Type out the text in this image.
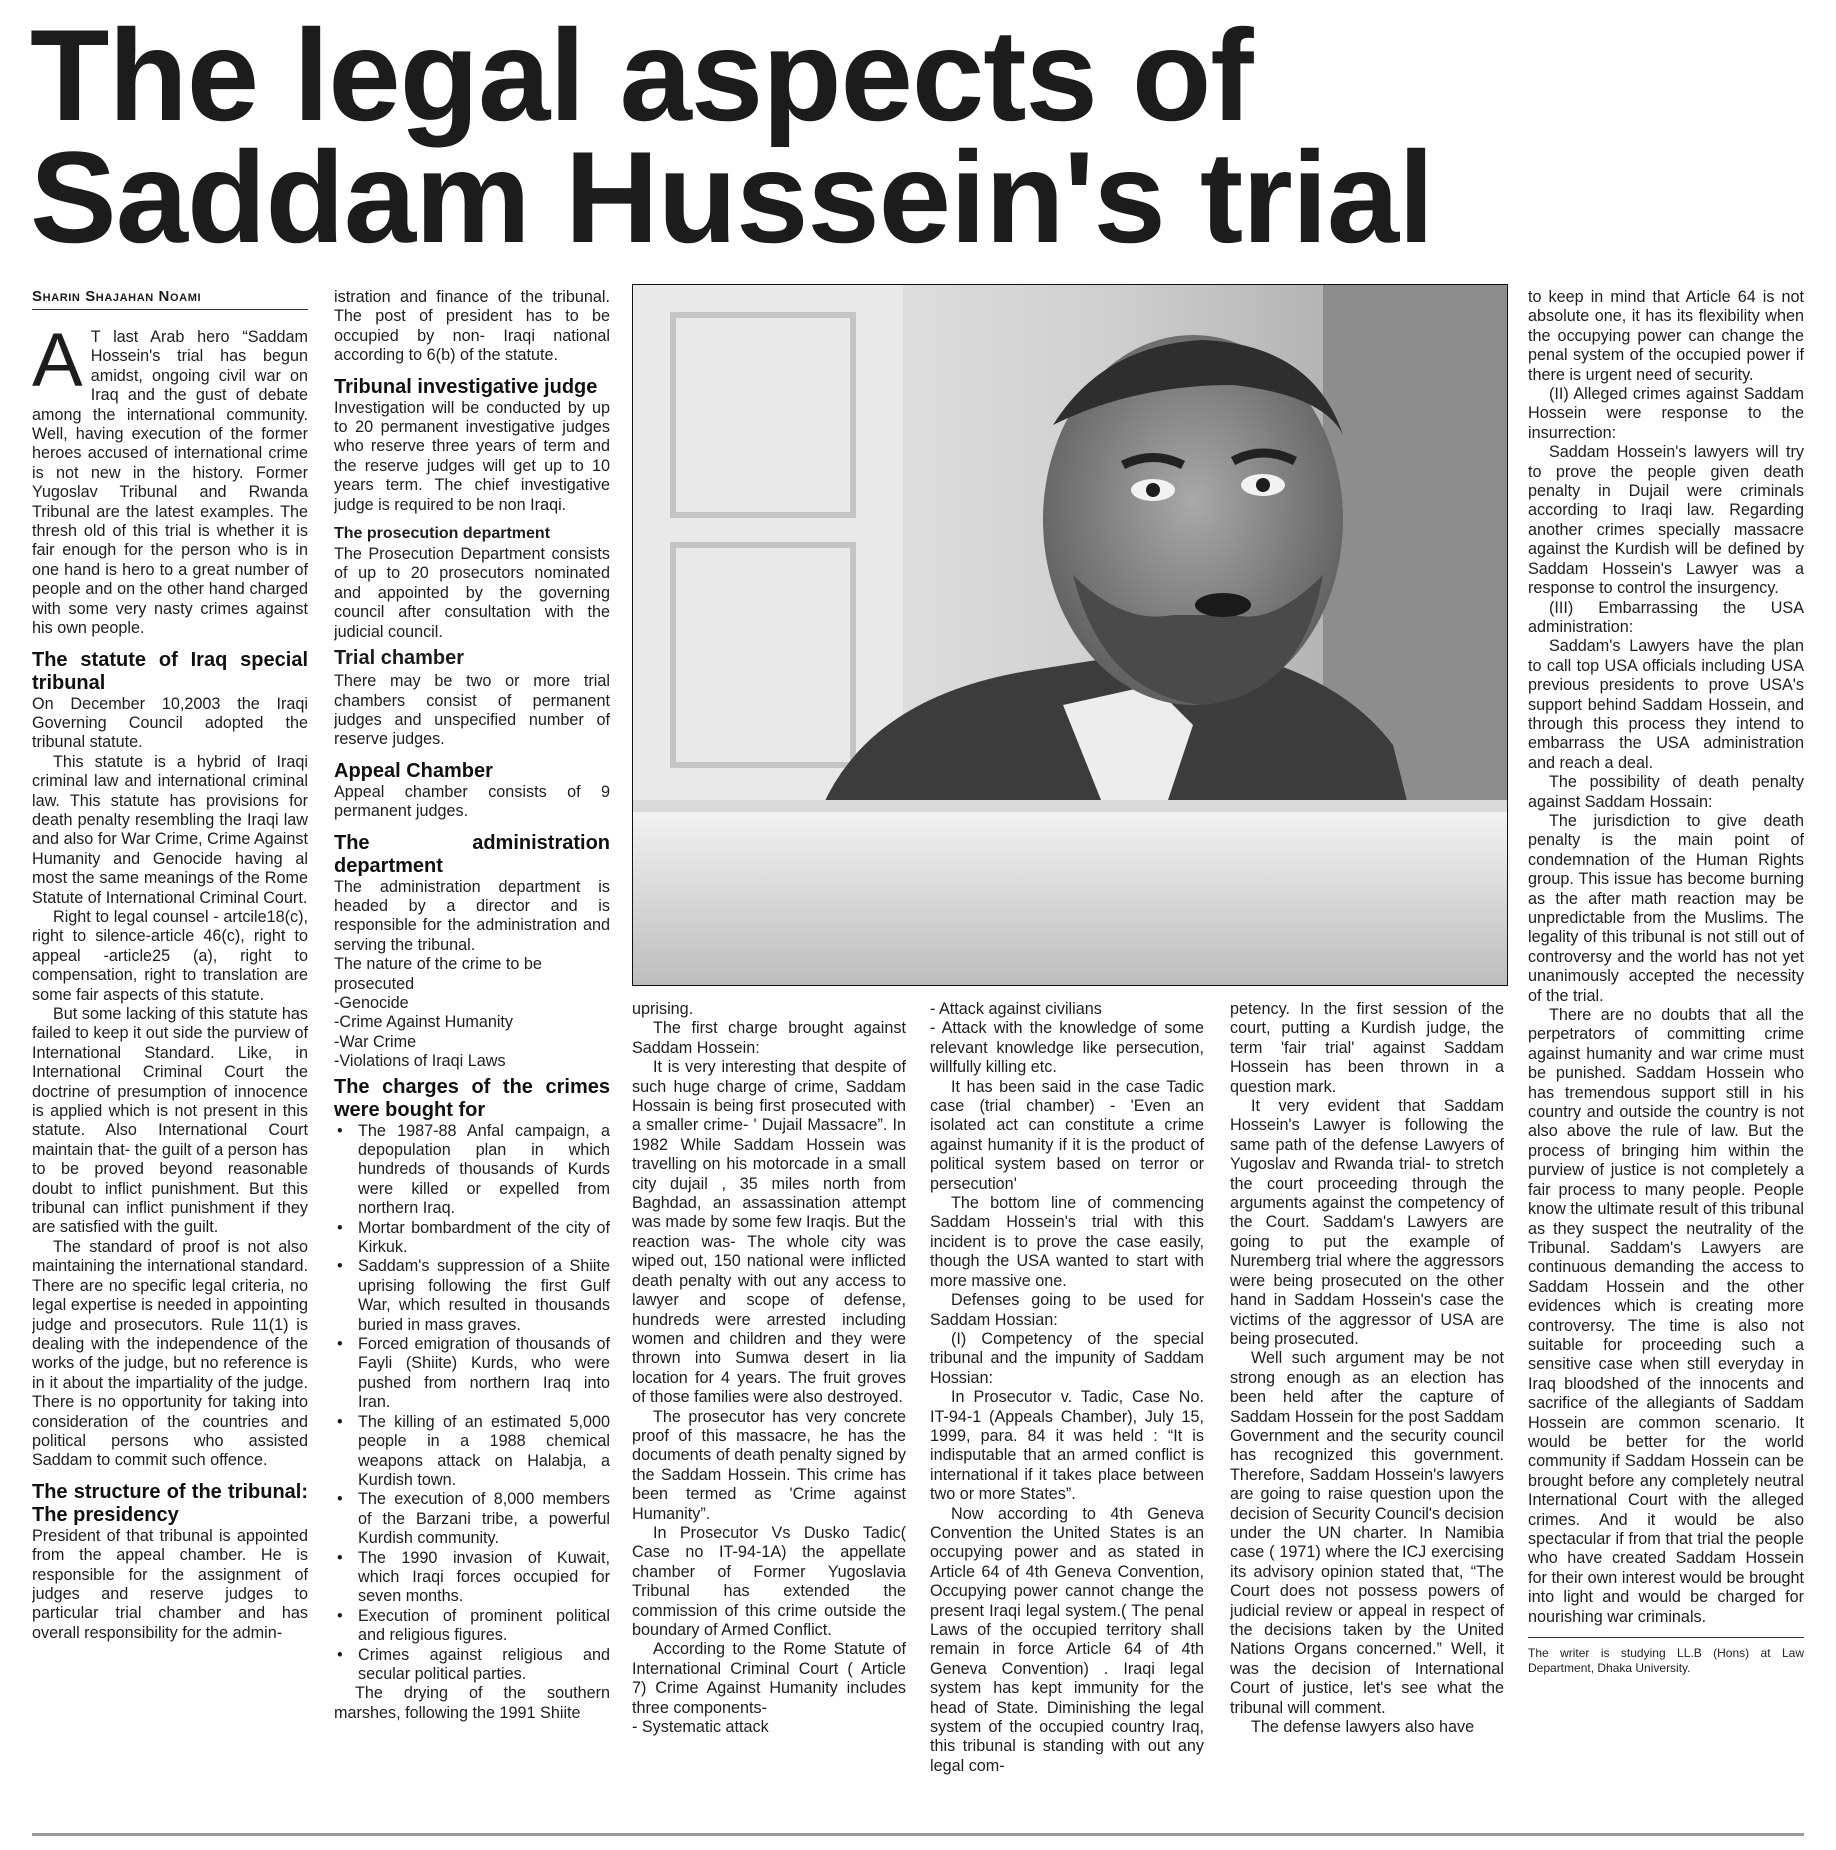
The legal aspects of Saddam Hussein's trial
Sharin Shajahan Noami

A T last Arab hero “Saddam Hossein's trial has begun amidst, ongoing civil war on Iraq and the gust of debate among the international community. Well, having execution of the former heroes accused of international crime is not new in the history. Former Yugoslav Tribunal and Rwanda Tribunal are the latest examples. The thresh old of this trial is whether it is fair enough for the person who is in one hand is hero to a great number of people and on the other hand charged with some very nasty crimes against his own people.

The statute of Iraq special tribunal

On December 10,2003 the Iraqi Governing Council adopted the tribunal statute.

This statute is a hybrid of Iraqi criminal law and international criminal law. This statute has provisions for death penalty resembling the Iraqi law and also for War Crime, Crime Against Humanity and Genocide having al most the same meanings of the Rome Statute of International Criminal Court.

Right to legal counsel - artcile18(c), right to silence-article 46(c), right to appeal -article25 (a), right to compensation, right to translation are some fair aspects of this statute.

But some lacking of this statute has failed to keep it out side the purview of International Standard. Like, in International Criminal Court the doctrine of presumption of innocence is applied which is not present in this statute. Also International Court maintain that- the guilt of a person has to be proved beyond reasonable doubt to inflict punishment. But this tribunal can inflict punishment if they are satisfied with the guilt.

The standard of proof is not also maintaining the international standard. There are no specific legal criteria, no legal expertise is needed in appointing judge and prosecutors. Rule 11(1) is dealing with the independence of the works of the judge, but no reference is in it about the impartiality of the judge. There is no opportunity for taking into consideration of the countries and political persons who assisted Saddam to commit such offence.

The structure of the tribunal: The presidency

President of that tribunal is appointed from the appeal chamber. He is responsible for the assignment of judges and reserve judges to particular trial chamber and has overall responsibility for the admin-

istration and finance of the tribunal. The post of president has to be occupied by non- Iraqi national according to 6(b) of the statute.

Tribunal investigative judge

Investigation will be conducted by up to 20 permanent investigative judges who reserve three years of term and the reserve judges will get up to 10 years term. The chief investigative judge is required to be non Iraqi.

The prosecution department

The Prosecution Department consists of up to 20 prosecutors nominated and appointed by the governing council after consultation with the judicial council.

Trial chamber

There may be two or more trial chambers consist of permanent judges and unspecified number of reserve judges.

Appeal Chamber

Appeal chamber consists of 9 permanent judges.

The administration department

The administration department is headed by a director and is responsible for the administration and serving the tribunal.

The nature of the crime to be prosecuted

-Genocide
-Crime Against Humanity
-War Crime
-Violations of Iraqi Laws
The charges of the crimes were bought for
• The 1987-88 Anfal campaign, a depopulation plan in which hundreds of thousands of Kurds were killed or expelled from northern Iraq.
• Mortar bombardment of the city of Kirkuk.
• Saddam's suppression of a Shiite uprising following the first Gulf War, which resulted in thousands buried in mass graves.
• Forced emigration of thousands of Fayli (Shiite) Kurds, who were pushed from northern Iraq into Iran.
• The killing of an estimated 5,000 people in a 1988 chemical weapons attack on Halabja, a Kurdish town.
• The execution of 8,000 members of the Barzani tribe, a powerful Kurdish community.
• The 1990 invasion of Kuwait, which Iraqi forces occupied for seven months.
• Execution of prominent political and religious figures.
• Crimes against religious and secular political parties.

The drying of the southern marshes, following the 1991 Shiite

uprising.

The first charge brought against Saddam Hossein:

It is very interesting that despite of such huge charge of crime, Saddam Hossain is being first prosecuted with a smaller crime- ' Dujail Massacre”. In 1982 While Saddam Hossein was travelling on his motorcade in a small city dujail , 35 miles north from Baghdad, an assassination attempt was made by some few Iraqis. But the reaction was- The whole city was wiped out, 150 national were inflicted death penalty with out any access to lawyer and scope of defense, hundreds were arrested including women and children and they were thrown into Sumwa desert in lia location for 4 years. The fruit groves of those families were also destroyed.

The prosecutor has very concrete proof of this massacre, he has the documents of death penalty signed by the Saddam Hossein. This crime has been termed as 'Crime against Humanity”.

In Prosecutor Vs Dusko Tadic( Case no IT-94-1A) the appellate chamber of Former Yugoslavia Tribunal has extended the commission of this crime outside the boundary of Armed Conflict.

According to the Rome Statute of International Criminal Court ( Article 7) Crime Against Humanity includes three components-

- Systematic attack

- Attack against civilians

- Attack with the knowledge of some relevant knowledge like persecution, willfully killing etc.

It has been said in the case Tadic case (trial chamber) - 'Even an isolated act can constitute a crime against humanity if it is the product of political system based on terror or persecution'

The bottom line of commencing Saddam Hossein's trial with this incident is to prove the case easily, though the USA wanted to start with more massive one.

Defenses going to be used for Saddam Hossian:

(I) Competency of the special tribunal and the impunity of Saddam Hossian:

In Prosecutor v. Tadic, Case No. IT-94-1 (Appeals Chamber), July 15, 1999, para. 84 it was held : “It is indisputable that an armed conflict is international if it takes place between two or more States”.

Now according to 4th Geneva Convention the United States is an occupying power and as stated in Article 64 of 4th Geneva Convention, Occupying power cannot change the present Iraqi legal system.( The penal Laws of the occupied territory shall remain in force Article 64 of 4th Geneva Convention) . Iraqi legal system has kept immunity for the head of State. Diminishing the legal system of the occupied country Iraq, this tribunal is standing with out any legal com-

petency. In the first session of the court, putting a Kurdish judge, the term 'fair trial' against Saddam Hossein has been thrown in a question mark.

It very evident that Saddam Hossein's Lawyer is following the same path of the defense Lawyers of Yugoslav and Rwanda trial- to stretch the court proceeding through the arguments against the competency of the Court. Saddam's Lawyers are going to put the example of Nuremberg trial where the aggressors were being prosecuted on the other hand in Saddam Hossein's case the victims of the aggressor of USA are being prosecuted.

Well such argument may be not strong enough as an election has been held after the capture of Saddam Hossein for the post Saddam Government and the security council has recognized this government. Therefore, Saddam Hossein's lawyers are going to raise question upon the decision of Security Council's decision under the UN charter. In Namibia case ( 1971) where the ICJ exercising its advisory opinion stated that, “The Court does not possess powers of judicial review or appeal in respect of the decisions taken by the United Nations Organs concerned.” Well, it was the decision of International Court of justice, let's see what the tribunal will comment.

The defense lawyers also have

to keep in mind that Article 64 is not absolute one, it has its flexibility when the occupying power can change the penal system of the occupied power if there is urgent need of security.

(II) Alleged crimes against Saddam Hossein were response to the insurrection:

Saddam Hossein's lawyers will try to prove the people given death penalty in Dujail were criminals according to Iraqi law. Regarding another crimes specially massacre against the Kurdish will be defined by Saddam Hossein's Lawyer was a response to control the insurgency.

(III) Embarrassing the USA administration:

Saddam's Lawyers have the plan to call top USA officials including USA previous presidents to prove USA's support behind Saddam Hossein, and through this process they intend to embarrass the USA administration and reach a deal.

The possibility of death penalty against Saddam Hossain:

The jurisdiction to give death penalty is the main point of condemnation of the Human Rights group. This issue has become burning as the after math reaction may be unpredictable from the Muslims. The legality of this tribunal is not still out of controversy and the world has not yet unanimously accepted the necessity of the trial.

There are no doubts that all the perpetrators of committing crime against humanity and war crime must be punished. Saddam Hossein who has tremendous support still in his country and outside the country is not also above the rule of law. But the process of bringing him within the purview of justice is not completely a fair process to many people. People know the ultimate result of this tribunal as they suspect the neutrality of the Tribunal. Saddam's Lawyers are continuous demanding the access to Saddam Hossein and the other evidences which is creating more controversy. The time is also not suitable for proceeding such a sensitive case when still everyday in Iraq bloodshed of the innocents and sacrifice of the allegiants of Saddam Hossein are common scenario. It would be better for the world community if Saddam Hossein can be brought before any completely neutral International Court with the alleged crimes. And it would be also spectacular if from that trial the people who have created Saddam Hossein for their own interest would be brought into light and would be charged for nourishing war criminals.

The writer is studying LL.B (Hons) at Law Department, Dhaka University.
